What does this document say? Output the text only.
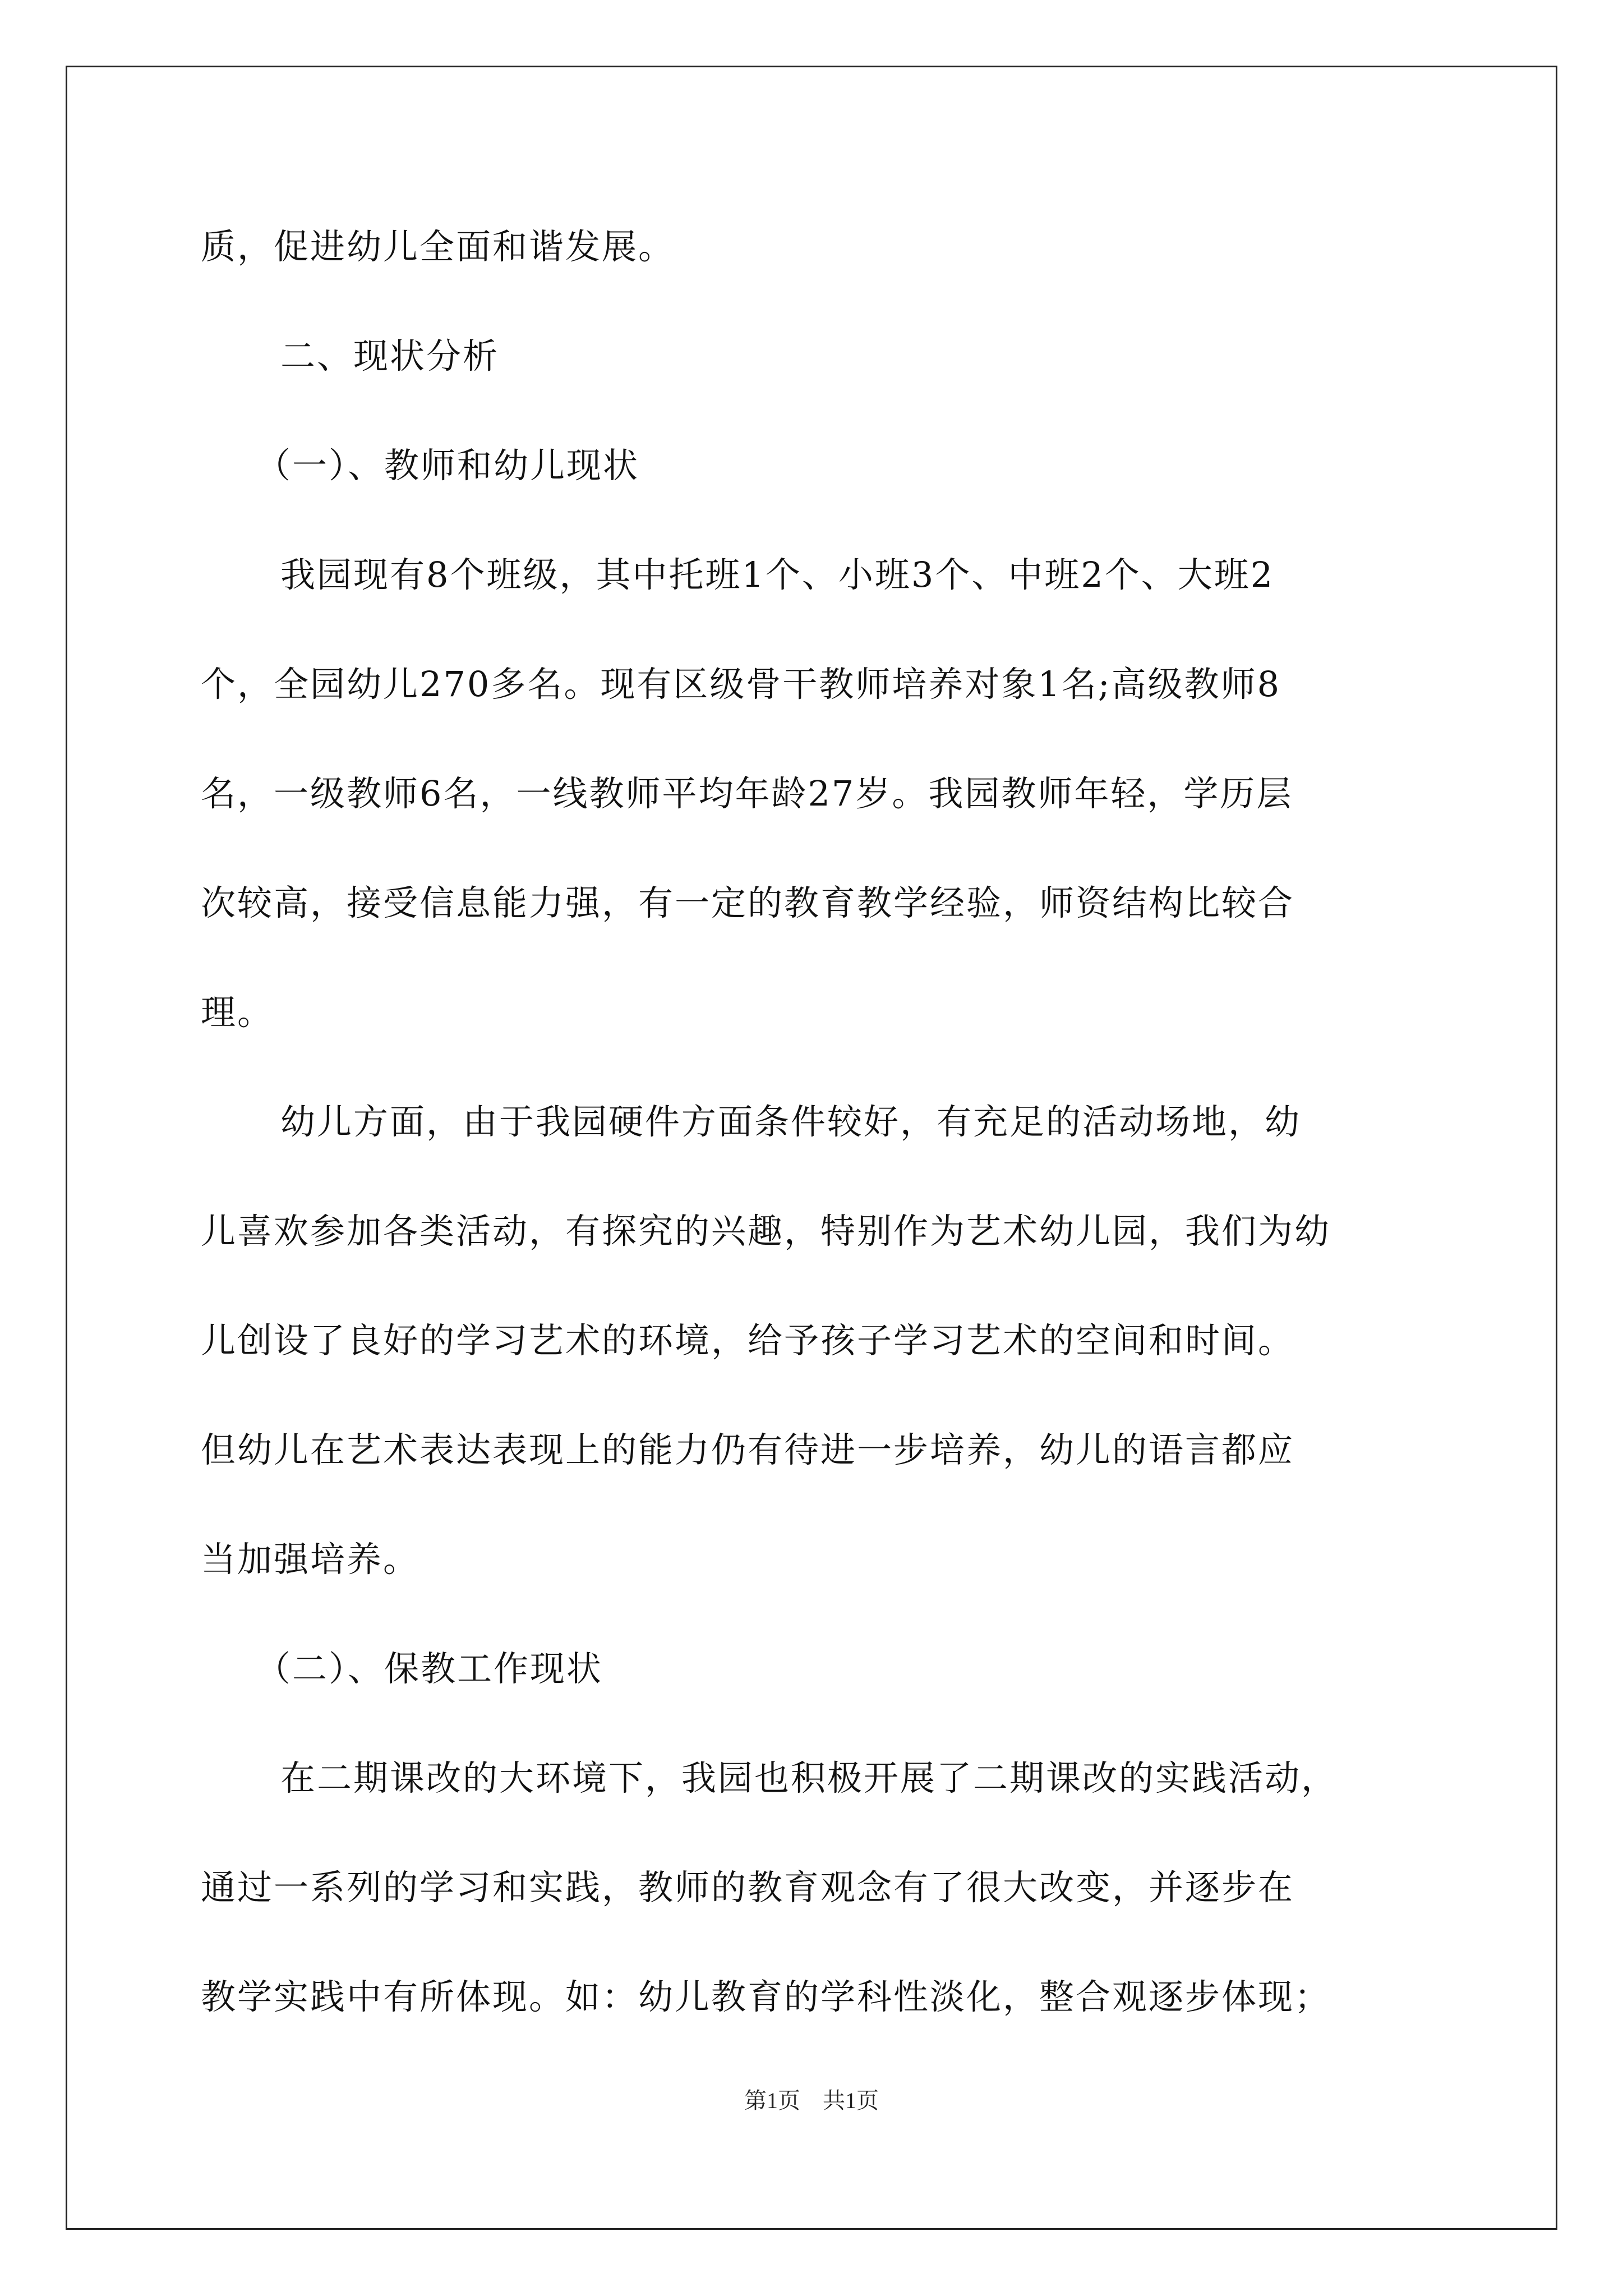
质，促进幼儿全面和谐发展。
二、现状分析
（一）、教师和幼儿现状
我园现有8个班级，其中托班1个、小班3个、中班2个、大班2
个，全园幼儿270多名。现有区级骨干教师培养对象1名;高级教师8
名，一级教师6名，一线教师平均年龄27岁。我园教师年轻，学历层
次较高，接受信息能力强，有一定的教育教学经验，师资结构比较合
理。
幼儿方面，由于我园硬件方面条件较好，有充足的活动场地，幼
儿喜欢参加各类活动，有探究的兴趣，特别作为艺术幼儿园，我们为幼
儿创设了良好的学习艺术的环境，给予孩子学习艺术的空间和时间。
但幼儿在艺术表达表现上的能力仍有待进一步培养，幼儿的语言都应
当加强培养。
（二）、保教工作现状
在二期课改的大环境下，我园也积极开展了二期课改的实践活动，
通过一系列的学习和实践，教师的教育观念有了很大改变，并逐步在
教学实践中有所体现。如：幼儿教育的学科性淡化，整合观逐步体现；
第1页 共1页
